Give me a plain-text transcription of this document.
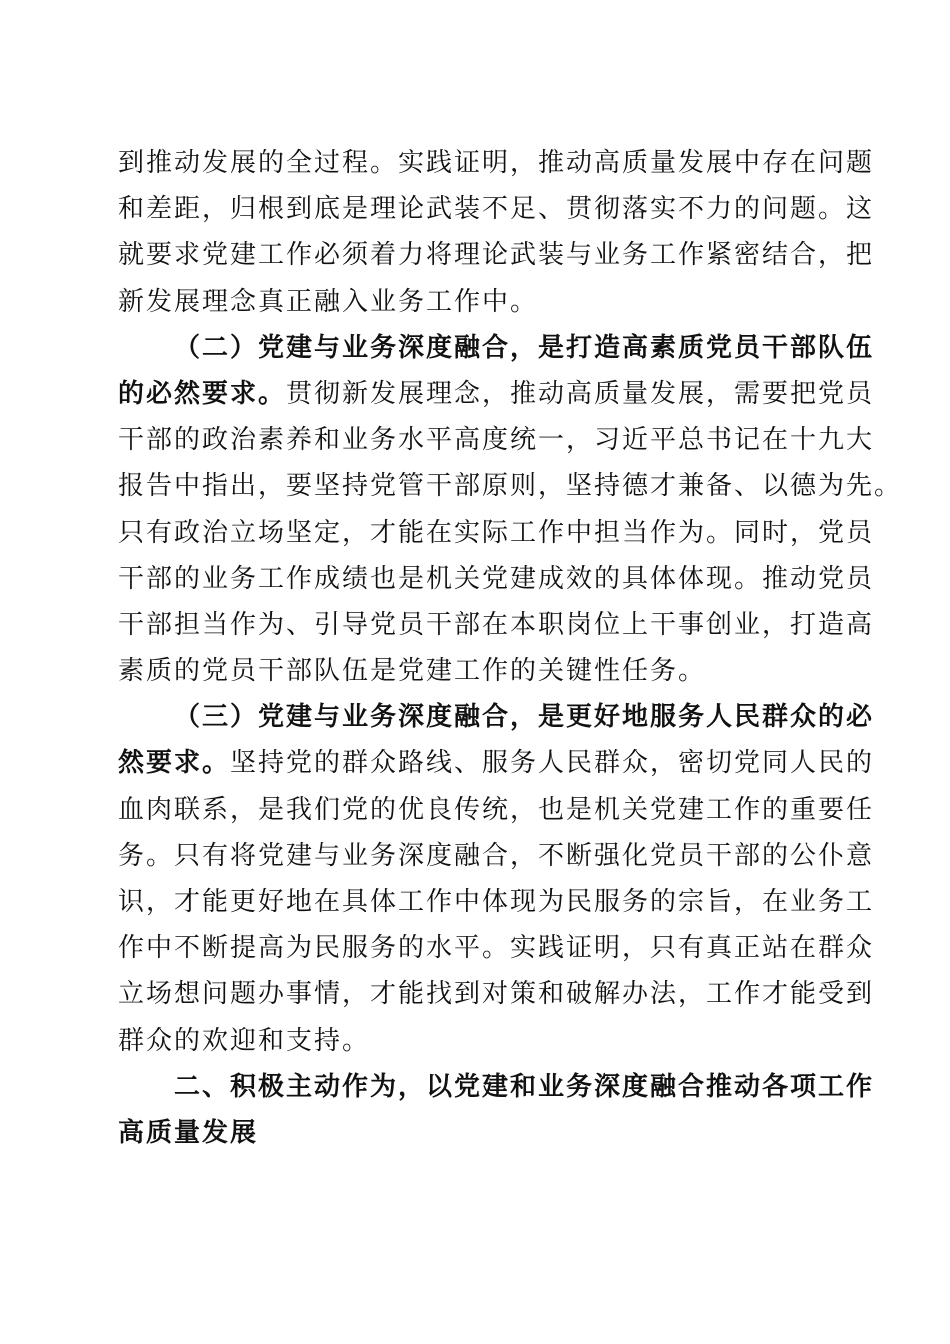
到推动发展的全过程。实践证明，推动高质量发展中存在问题
和差距，归根到底是理论武装不足、贯彻落实不力的问题。这
就要求党建工作必须着力将理论武装与业务工作紧密结合，把
新发展理念真正融入业务工作中。
（二）党建与业务深度融合，是打造高素质党员干部队伍
的必然要求。贯彻新发展理念，推动高质量发展，需要把党员
干部的政治素养和业务水平高度统一，习近平总书记在十九大
报告中指出，要坚持党管干部原则，坚持德才兼备、以德为先。
只有政治立场坚定，才能在实际工作中担当作为。同时，党员
干部的业务工作成绩也是机关党建成效的具体体现。推动党员
干部担当作为、引导党员干部在本职岗位上干事创业，打造高
素质的党员干部队伍是党建工作的关键性任务。
（三）党建与业务深度融合，是更好地服务人民群众的必
然要求。坚持党的群众路线、服务人民群众，密切党同人民的
血肉联系，是我们党的优良传统，也是机关党建工作的重要任
务。只有将党建与业务深度融合，不断强化党员干部的公仆意
识，才能更好地在具体工作中体现为民服务的宗旨，在业务工
作中不断提高为民服务的水平。实践证明，只有真正站在群众
立场想问题办事情，才能找到对策和破解办法，工作才能受到
群众的欢迎和支持。
二、积极主动作为，以党建和业务深度融合推动各项工作
高质量发展
